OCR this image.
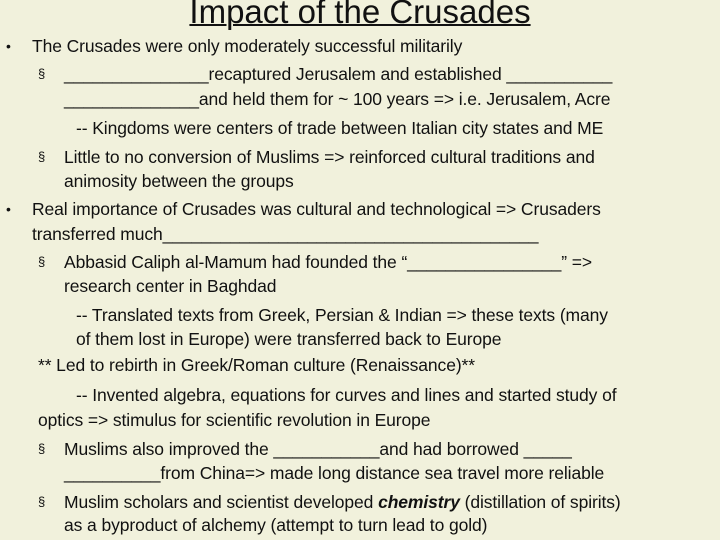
Impact of the Crusades
• The Crusades were only moderately successful militarily
§ _______________recaptured Jerusalem and established ___________
______________and held them for ~ 100 years => i.e. Jerusalem, Acre
-- Kingdoms were centers of trade between Italian city states and ME
§ Little to no conversion of Muslims => reinforced cultural traditions and
animosity between the groups
• Real importance of Crusades was cultural and technological => Crusaders
transferred much_______________________________________
§ Abbasid Caliph al-Mamum had founded the “________________” =>
research center in Baghdad
-- Translated texts from Greek, Persian & Indian => these texts (many
of them lost in Europe) were transferred back to Europe
** Led to rebirth in Greek/Roman culture (Renaissance)**
-- Invented algebra, equations for curves and lines and started study of
optics => stimulus for scientific revolution in Europe
§ Muslims also improved the ___________and had borrowed _____
__________from China=> made long distance sea travel more reliable
§ Muslim scholars and scientist developed chemistry (distillation of spirits)
as a byproduct of alchemy (attempt to turn lead to gold)
